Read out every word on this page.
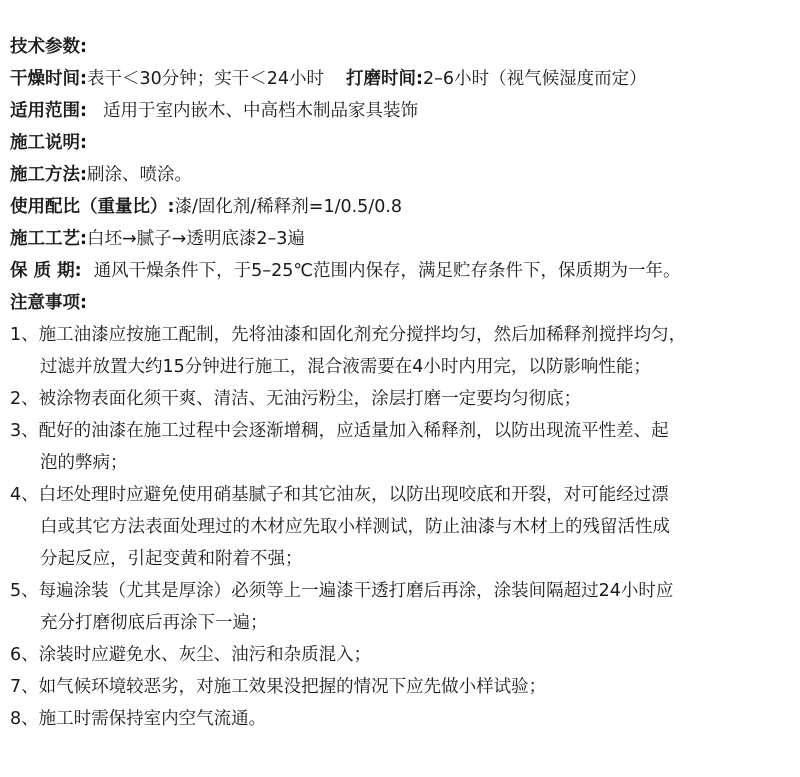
技术参数:
干燥时间:表干＜30分钟；实干＜24小时 打磨时间:2–6小时（视气候湿度而定）
适用范围: 适用于室内嵌木、中高档木制品家具装饰
施工说明:
施工方法:刷涂、喷涂。
使用配比（重量比）:漆/固化剂/稀释剂=1/0.5/0.8
施工工艺:白坯→腻子→透明底漆2–3遍
保 质 期: 通风干燥条件下，于5–25℃范围内保存，满足贮存条件下，保质期为一年。
注意事项:
1、施工油漆应按施工配制，先将油漆和固化剂充分搅拌均匀，然后加稀释剂搅拌均匀，
过滤并放置大约15分钟进行施工，混合液需要在4小时内用完，以防影响性能；
2、被涂物表面化须干爽、清洁、无油污粉尘，涂层打磨一定要均匀彻底；
3、配好的油漆在施工过程中会逐渐增稠，应适量加入稀释剂，以防出现流平性差、起
泡的弊病；
4、白坯处理时应避免使用硝基腻子和其它油灰，以防出现咬底和开裂，对可能经过漂
白或其它方法表面处理过的木材应先取小样测试，防止油漆与木材上的残留活性成
分起反应，引起变黄和附着不强；
5、每遍涂装（尤其是厚涂）必须等上一遍漆干透打磨后再涂，涂装间隔超过24小时应
充分打磨彻底后再涂下一遍；
6、涂装时应避免水、灰尘、油污和杂质混入；
7、如气候环境较恶劣，对施工效果没把握的情况下应先做小样试验；
8、施工时需保持室内空气流通。
